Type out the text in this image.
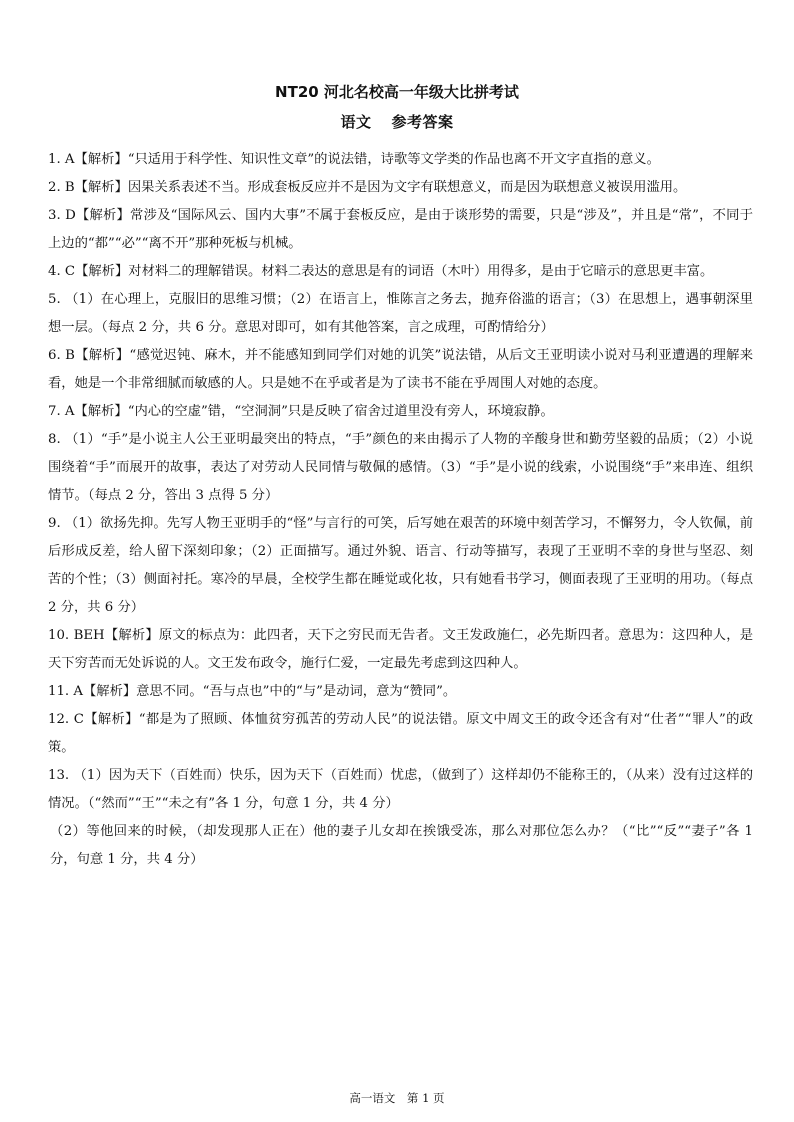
NT20 河北名校高一年级大比拼考试
语文 参考答案

1. A【解析】“只适用于科学性、知识性文章”的说法错，诗歌等文学类的作品也离不开文字直指的意义。

2. B【解析】因果关系表述不当。形成套板反应并不是因为文字有联想意义，而是因为联想意义被误用滥用。

3. D【解析】常涉及“国际风云、国内大事”不属于套板反应，是由于谈形势的需要，只是“涉及”，并且是“常”，不同于上边的“都”“必”“离不开”那种死板与机械。

4. C【解析】对材料二的理解错误。材料二表达的意思是有的词语（木叶）用得多，是由于它暗示的意思更丰富。

5. （1）在心理上，克服旧的思维习惯；（2）在语言上，惟陈言之务去，抛弃俗滥的语言；（3）在思想上，遇事朝深里想一层。（每点 2 分，共 6 分。意思对即可，如有其他答案，言之成理，可酌情给分）

6. B【解析】“感觉迟钝、麻木，并不能感知到同学们对她的讥笑”说法错，从后文王亚明读小说对马利亚遭遇的理解来看，她是一个非常细腻而敏感的人。只是她不在乎或者是为了读书不能在乎周围人对她的态度。

7. A【解析】“内心的空虚”错，“空洞洞”只是反映了宿舍过道里没有旁人，环境寂静。

8. （1）“手”是小说主人公王亚明最突出的特点，“手”颜色的来由揭示了人物的辛酸身世和勤劳坚毅的品质；（2）小说围绕着“手”而展开的故事，表达了对劳动人民同情与敬佩的感情。（3）“手”是小说的线索，小说围绕“手”来串连、组织情节。（每点 2 分，答出 3 点得 5 分）

9. （1）欲扬先抑。先写人物王亚明手的“怪”与言行的可笑，后写她在艰苦的环境中刻苦学习，不懈努力，令人钦佩，前后形成反差，给人留下深刻印象；（2）正面描写。通过外貌、语言、行动等描写，表现了王亚明不幸的身世与坚忍、刻苦的个性；（3）侧面衬托。寒冷的早晨，全校学生都在睡觉或化妆，只有她看书学习，侧面表现了王亚明的用功。（每点 2 分，共 6 分）

10. BEH【解析】原文的标点为：此四者，天下之穷民而无告者。文王发政施仁，必先斯四者。意思为：这四种人，是天下穷苦而无处诉说的人。文王发布政令，施行仁爱，一定最先考虑到这四种人。

11. A【解析】意思不同。“吾与点也”中的“与”是动词，意为“赞同”。

12. C【解析】“都是为了照顾、体恤贫穷孤苦的劳动人民”的说法错。原文中周文王的政令还含有对“仕者”“罪人”的政策。

13. （1）因为天下（百姓而）快乐，因为天下（百姓而）忧虑，（做到了）这样却仍不能称王的，（从来）没有过这样的情况。（“然而”“王”“未之有”各 1 分，句意 1 分，共 4 分）

（2）等他回来的时候，（却发现那人正在）他的妻子儿女却在挨饿受冻，那么对那位怎么办？（“比”“反”“妻子”各 1 分，句意 1 分，共 4 分）

高一语文　第 1 页
